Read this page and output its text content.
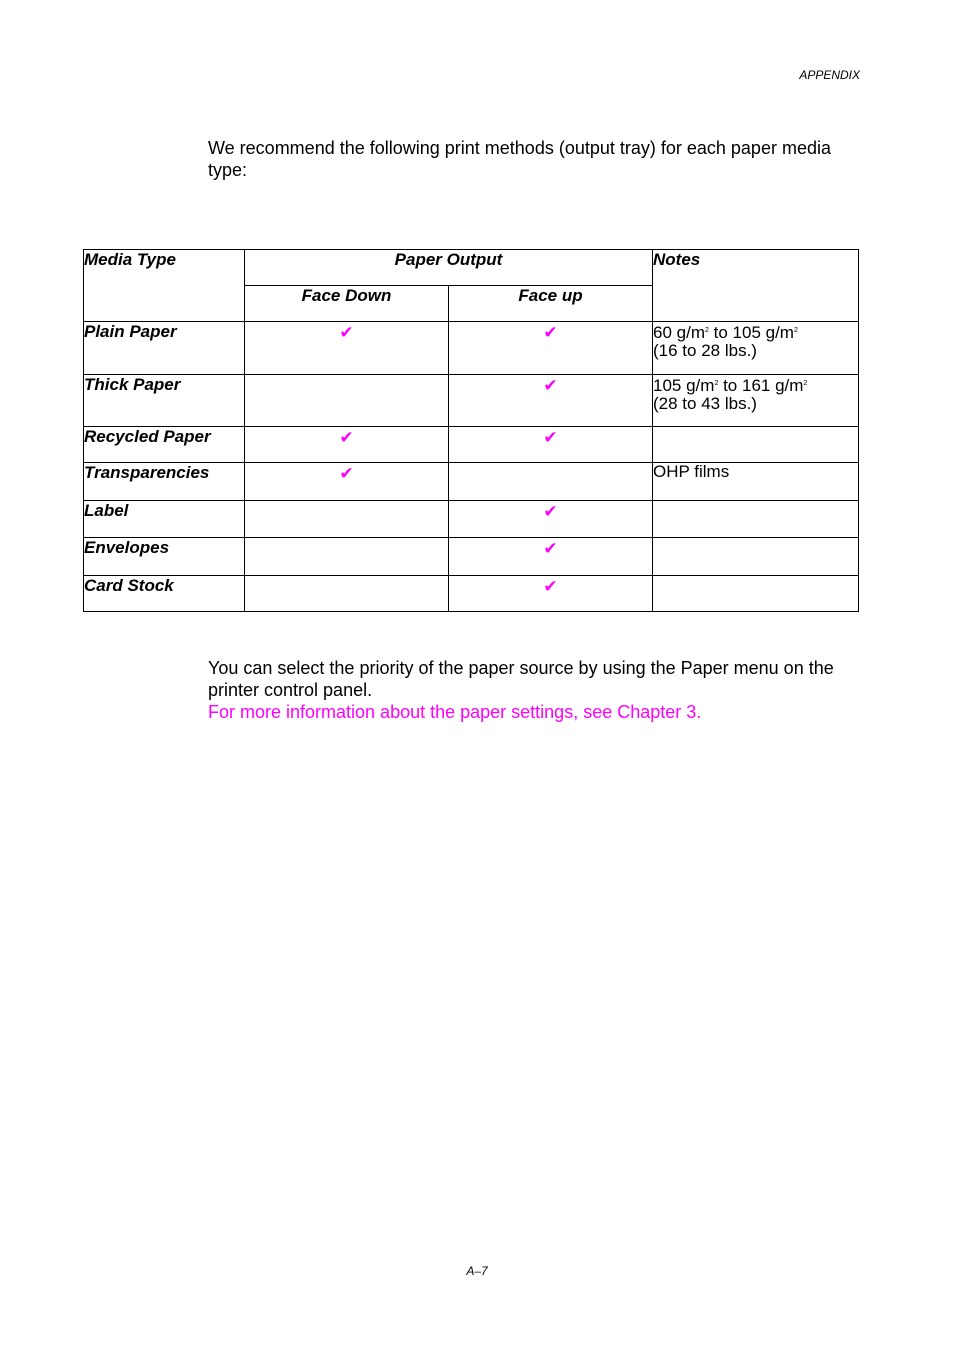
APPENDIX

We recommend the following print methods (output tray) for each paper media type:

Media Type	Paper Output		Notes
	Face Down	Face up	
Plain Paper	✔	✔	60 $g/m^2$ to 105 $g/m^2$
(16 to 28 lbs.)
Thick Paper		✔	105 $g/m^2$ to 161 $g/m^2$
(28 to 43 lbs.)
Recycled Paper	✔	✔	
Transparencies	✔		OHP films
Label		✔	
Envelopes		✔	
Card Stock		✔	
You can select the priority of the paper source by using the Paper menu on the printer control panel.
For more information about the paper settings, see Chapter 3.
A–7
